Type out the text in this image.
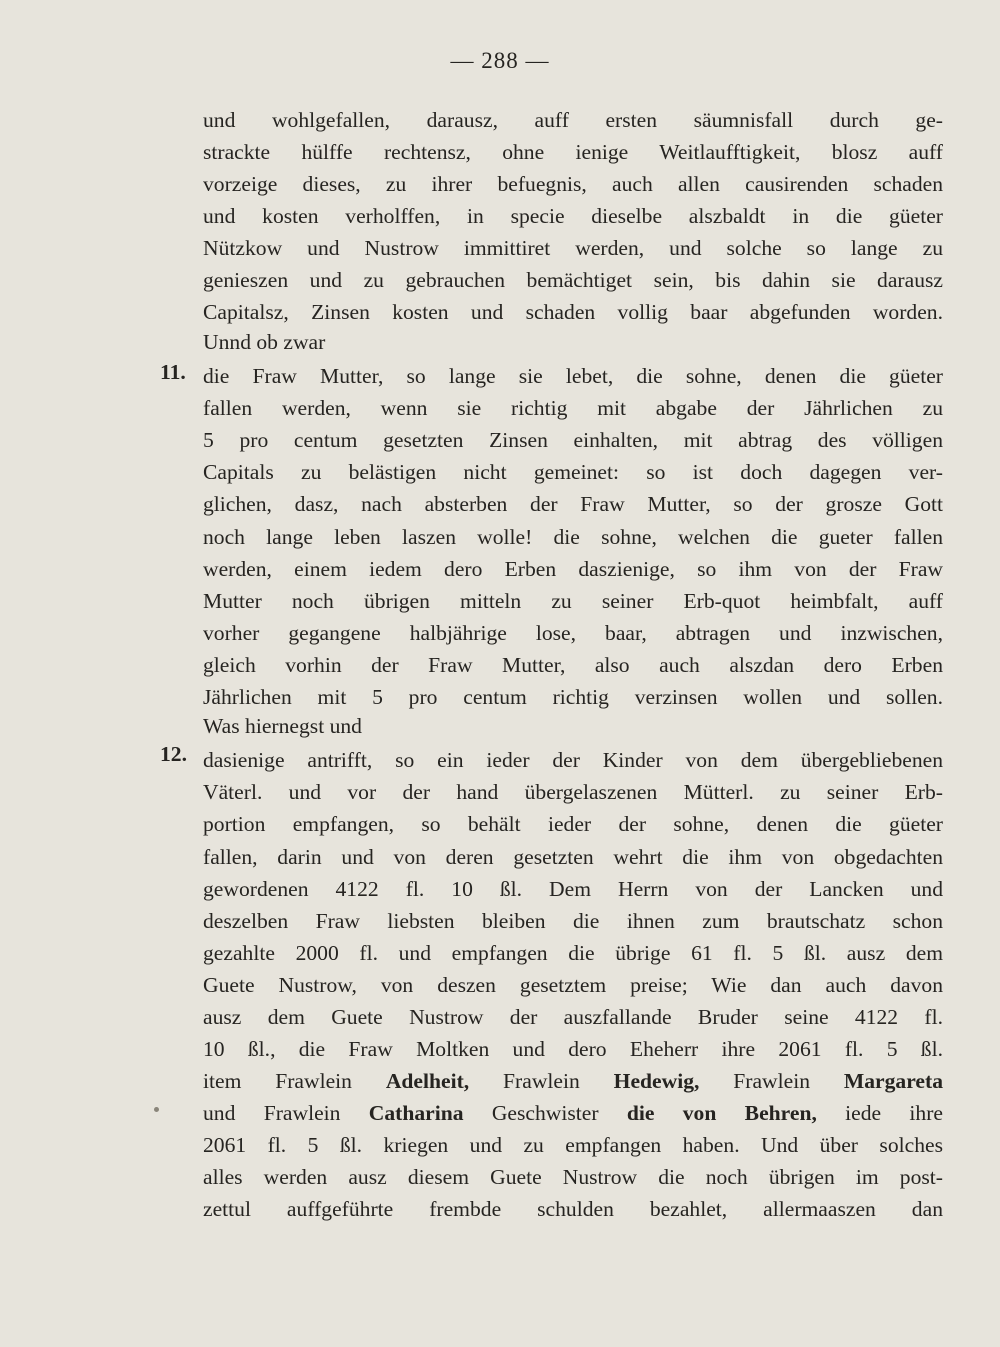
— 288 —
und wohlgefallen, darausz, auff ersten säumnisfall durch ge-
strackte hülffe rechtensz, ohne ienige Weitlaufftigkeit, blosz auff
vorzeige dieses, zu ihrer befuegnis, auch allen causirenden schaden
und kosten verholffen, in specie dieselbe alszbaldt in die güeter
Nützkow und Nustrow immittiret werden, und solche so lange zu
genieszen und zu gebrauchen bemächtiget sein, bis dahin sie darausz
Capitalsz, Zinsen kosten und schaden vollig baar abgefunden worden.
Unnd ob zwar
11. die Fraw Mutter, so lange sie lebet, die sohne, denen die güeter
fallen werden, wenn sie richtig mit abgabe der Jährlichen zu
5 pro centum gesetzten Zinsen einhalten, mit abtrag des völligen
Capitals zu belästigen nicht gemeinet: so ist doch dagegen ver-
glichen, dasz, nach absterben der Fraw Mutter, so der grosze Gott
noch lange leben laszen wolle! die sohne, welchen die gueter fallen
werden, einem iedem dero Erben daszienige, so ihm von der Fraw
Mutter noch übrigen mitteln zu seiner Erb-quot heimbfalt, auff
vorher gegangene halbjährige lose, baar, abtragen und inzwischen,
gleich vorhin der Fraw Mutter, also auch alszdan dero Erben
Jährlichen mit 5 pro centum richtig verzinsen wollen und sollen.
Was hiernegst und
12. dasienige antrifft, so ein ieder der Kinder von dem übergebliebenen
Väterl. und vor der hand übergelaszenen Mütterl. zu seiner Erb-
portion empfangen, so behält ieder der sohne, denen die güeter
fallen, darin und von deren gesetzten wehrt die ihm von obgedachten
gewordenen 4122 fl. 10 ßl. Dem Herrn von der Lancken und
deszelben Fraw liebsten bleiben die ihnen zum brautschatz schon
gezahlte 2000 fl. und empfangen die übrige 61 fl. 5 ßl. ausz dem
Guete Nustrow, von deszen gesetztem preise; Wie dan auch davon
ausz dem Guete Nustrow der auszfallande Bruder seine 4122 fl.
10 ßl., die Fraw Moltken und dero Eheherr ihre 2061 fl. 5 ßl.
item Frawlein Adelheit, Frawlein Hedewig, Frawlein Margareta
und Frawlein Catharina Geschwister die von Behren, iede ihre
2061 fl. 5 ßl. kriegen und zu empfangen haben. Und über solches
alles werden ausz diesem Guete Nustrow die noch übrigen im post-
zettul auffgeführte frembde schulden bezahlet, allermaaszen dan
